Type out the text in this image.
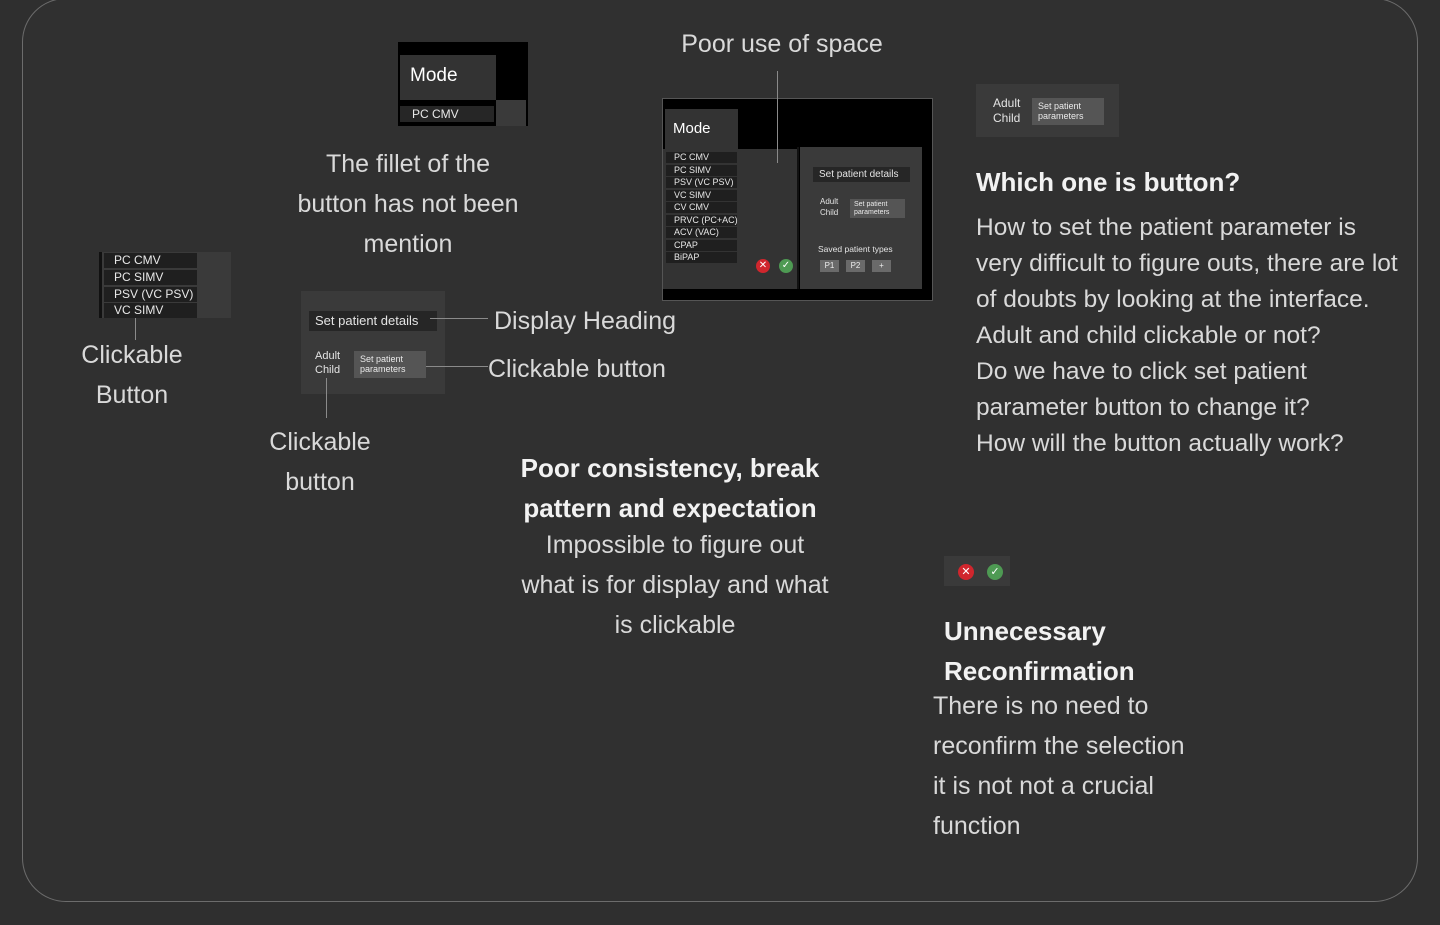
Mode
PC CMV
The fillet of the
button has not been
mention
PC CMV
PC SIMV
PSV (VC PSV)
VC SIMV
Clickable
Button
Set patient details
Adult
Child
Set patient
parameters
Display Heading
Clickable button
Clickable
button
Poor use of space
Mode
PC CMV
PC SIMV
PSV (VC PSV)
VC SIMV
CV CMV
PRVC (PC+AC)
ACV (VAC)
CPAP
BiPAP
✕ ✓
Set patient details
Adult
Child
Set patient
parameters
Saved patient types
P1	P2	+
Poor consistency, break
pattern and expectation
Impossible to figure out
what is for display and what
is clickable
Adult
Child
Set patient
parameters
Which one is button?
How to set the patient parameter is
very difficult to figure outs, there are lot
of doubts by looking at the interface.
Adult and child clickable or not?
Do we have to click set patient
parameter button to change it?
How will the button actually work?
✕	✓
Unnecessary
Reconfirmation
There is no need to
reconfirm the selection
it is not not a crucial
function
